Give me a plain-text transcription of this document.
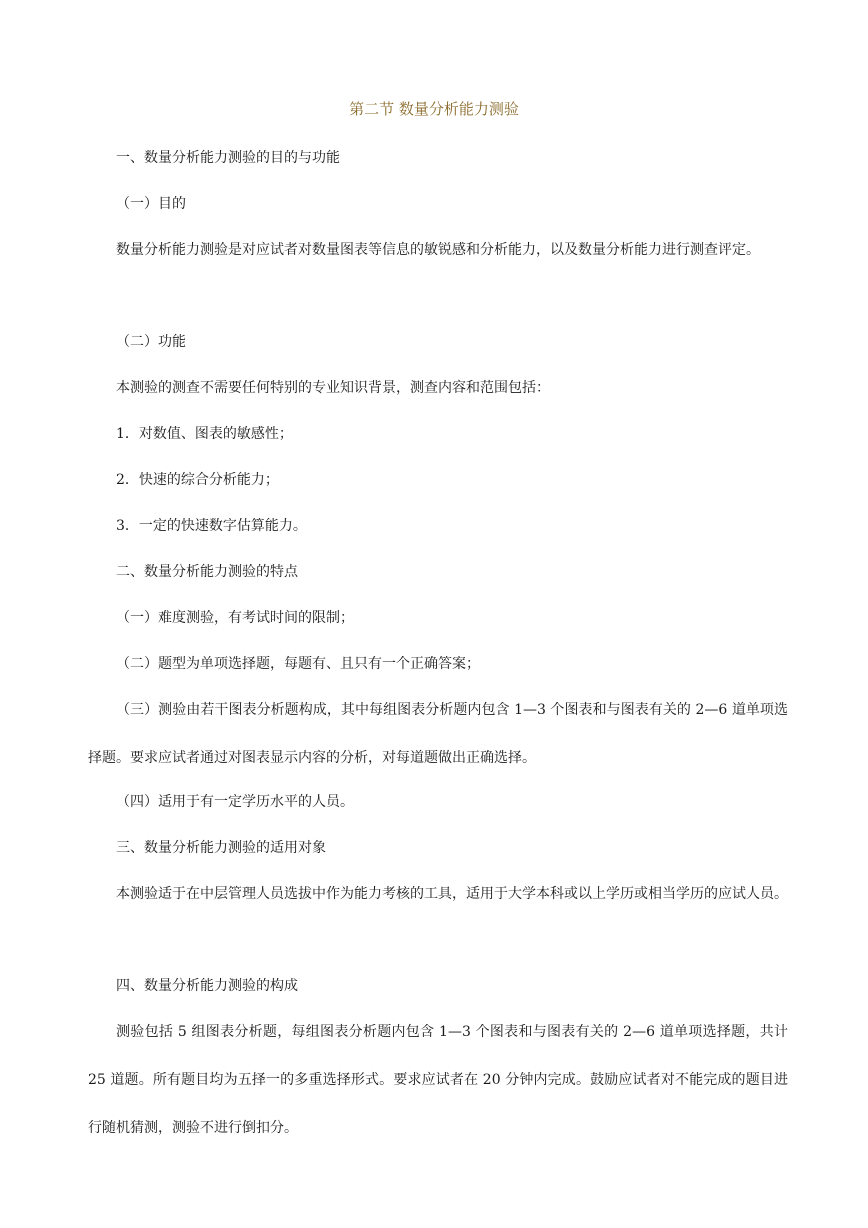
第二节 数量分析能力测验

一、数量分析能力测验的目的与功能

（一）目的

数量分析能力测验是对应试者对数量图表等信息的敏锐感和分析能力，以及数量分析能力进行测查评定。

（二）功能

本测验的测查不需要任何特别的专业知识背景，测查内容和范围包括：

1．对数值、图表的敏感性；

2．快速的综合分析能力；

3．一定的快速数字估算能力。

二、数量分析能力测验的特点

（一）难度测验，有考试时间的限制；

（二）题型为单项选择题，每题有、且只有一个正确答案；

（三）测验由若干图表分析题构成，其中每组图表分析题内包含 1—3 个图表和与图表有关的 2—6 道单项选择题。要求应试者通过对图表显示内容的分析，对每道题做出正确选择。

（四）适用于有一定学历水平的人员。

三、数量分析能力测验的适用对象

本测验适于在中层管理人员选拔中作为能力考核的工具，适用于大学本科或以上学历或相当学历的应试人员。

四、数量分析能力测验的构成

测验包括 5 组图表分析题，每组图表分析题内包含 1—3 个图表和与图表有关的 2—6 道单项选择题，共计 25 道题。所有题目均为五择一的多重选择形式。要求应试者在 20 分钟内完成。鼓励应试者对不能完成的题目进行随机猜测，测验不进行倒扣分。
